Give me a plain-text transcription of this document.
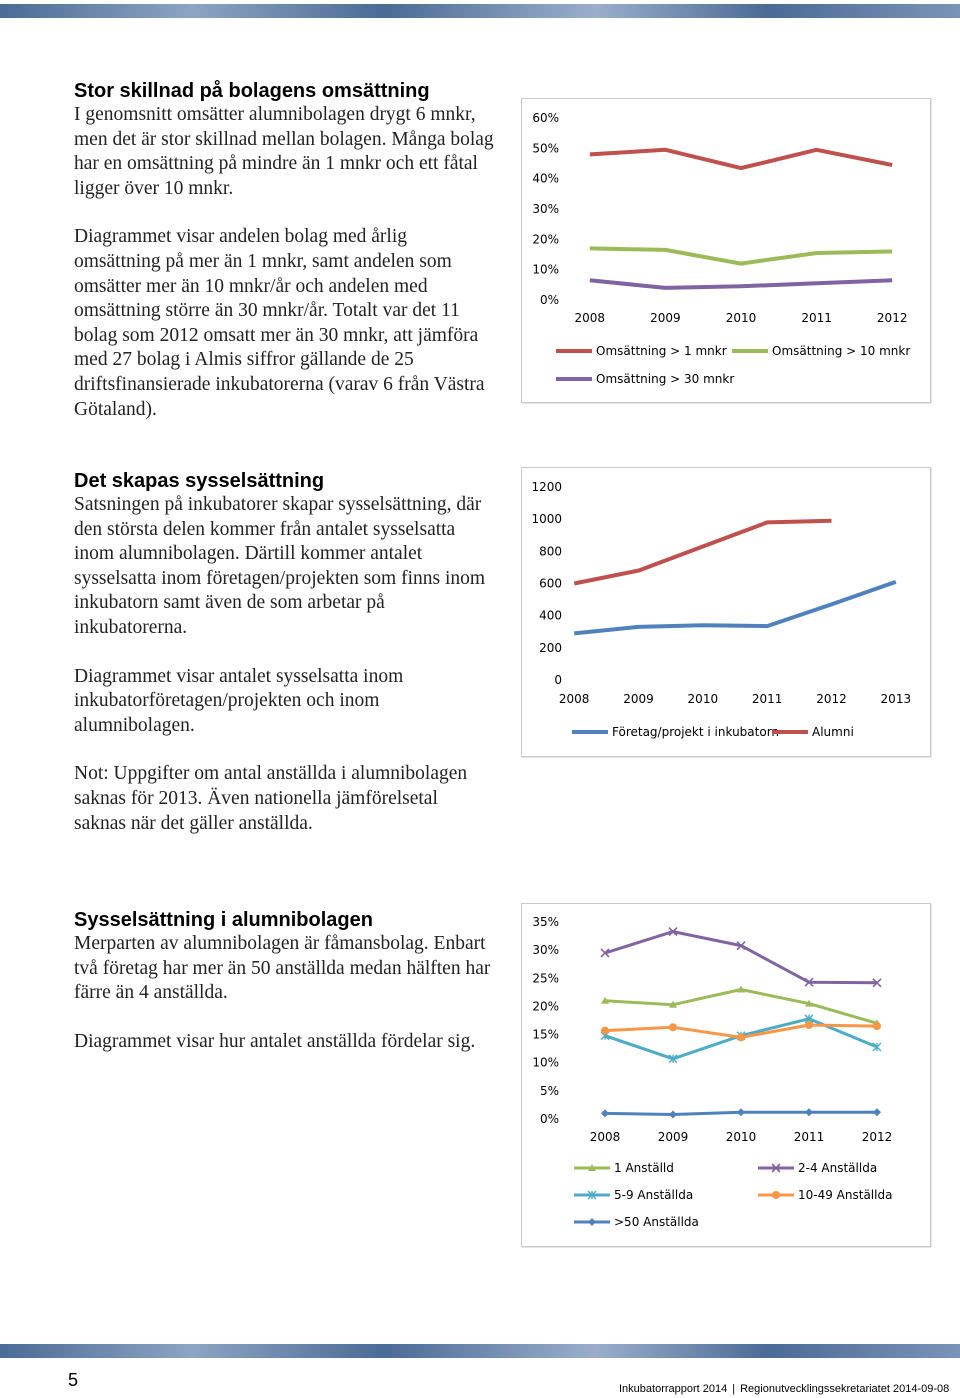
Stor skillnad på bolagens omsättning

I genomsnitt omsätter alumnibolagen drygt 6 mnkr, men det är stor skillnad mellan bolagen. Många bolag har en omsättning på mindre än 1 mnkr och ett fåtal ligger över 10 mnkr.

Diagrammet visar andelen bolag med årlig omsättning på mer än 1 mnkr, samt andelen som omsätter mer än 10 mnkr/år och andelen med omsättning större än 30 mnkr/år. Totalt var det 11 bolag som 2012 omsatt mer än 30 mnkr, att jämföra med 27 bolag i Almis siffror gällande de 25 driftsfinansierade inkubatorerna (varav 6 från Västra Götaland).

0%
10%
20%
30%
40%
50%
60%
2008	2009	2010	2011	2012
Omsättning > 1 mnkr	Omsättning > 10 mnkr
Omsättning > 30 mnkr
Det skapas sysselsättning

Satsningen på inkubatorer skapar sysselsättning, där den största delen kommer från antalet sysselsatta inom alumnibolagen. Därtill kommer antalet sysselsatta inom företagen/projekten som finns inom inkubatorn samt även de som arbetar på inkubatorerna.

Diagrammet visar antalet sysselsatta inom inkubatorföretagen/projekten och inom alumnibolagen.

Not: Uppgifter om antal anställda i alumnibolagen saknas för 2013. Även nationella jämförelsetal saknas när det gäller anställda.

0
200
400
600
800
1000
1200
2008	2009	2010	2011	2012	2013
Företag/projekt i inkubatorn	Alumni
Sysselsättning i alumnibolagen

Merparten av alumnibolagen är fåmansbolag. Enbart två företag har mer än 50 anställda medan hälften har färre än 4 anställda.

Diagrammet visar hur antalet anställda fördelar sig.

0%
5%
10%
15%
20%
25%
30%
35%
2008	2009	2010	2011	2012
1 Anställd	2-4 Anställda
5-9 Anställda	10-49 Anställda
>50 Anställda
5	Inkubatorrapport 2014 | Regionutvecklingssekretariatet 2014-09-08
